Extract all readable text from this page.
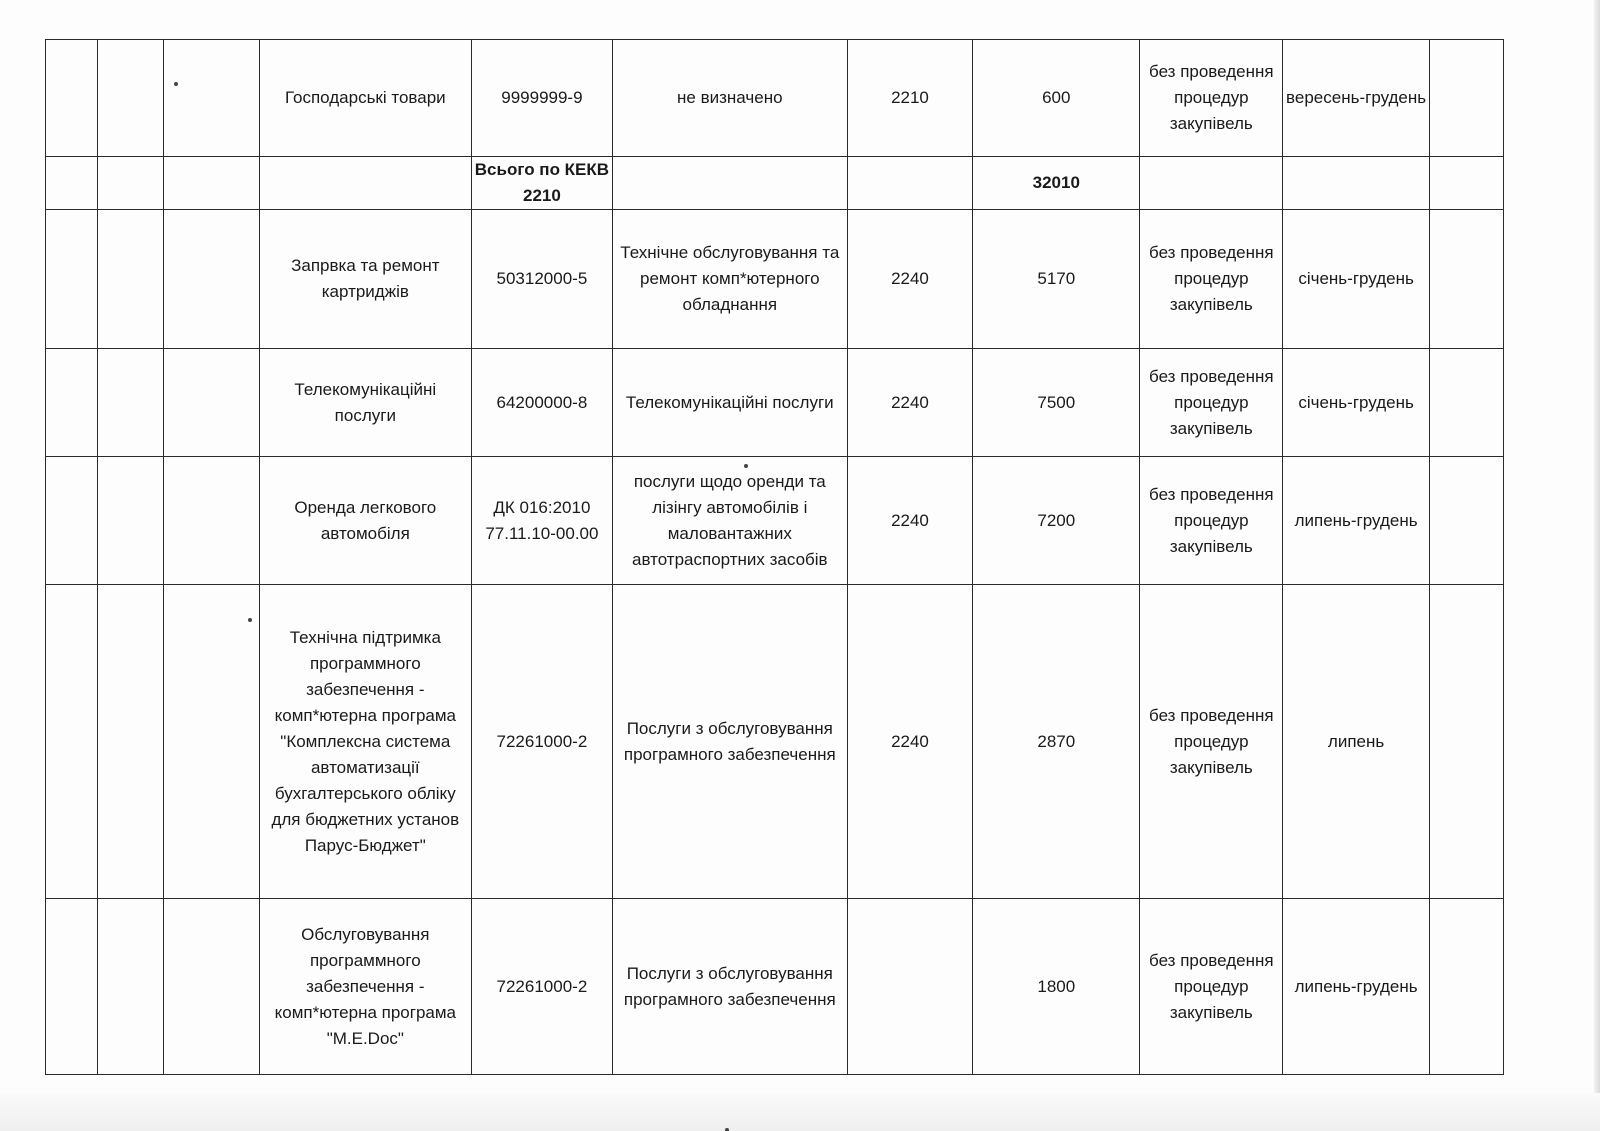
			Господарські товари	9999999-9	не визначено	2210	600	без проведення процедур закупівель	вересень-грудень	
				Всього по КЕКВ 2210			32010			
			Запрвка та ремонт картриджів	50312000-5	Технічне обслуговування та ремонт комп*ютерного обладнання	2240	5170	без проведення процедур закупівель	січень-грудень	
			Телекомунікаційні послуги	64200000-8	Телекомунікаційні послуги	2240	7500	без проведення процедур закупівель	січень-грудень	
			Оренда легкового автомобіля	ДК 016:2010 77.11.10-00.00	послуги щодо оренди та лізінгу автомобілів і маловантажних автотраспортних засобів	2240	7200	без проведення процедур закупівель	липень-грудень	
			Технічна підтримка программного забезпечення - комп*ютерна програма "Комплексна система автоматизації бухгалтерського обліку для бюджетних установ Парус-Бюджет"	72261000-2	Послуги з обслуговування програмного забезпечення	2240	2870	без проведення процедур закупівель	липень	
			Обслуговування программного забезпечення - комп*ютерна програма "M.E.Doc"	72261000-2	Послуги з обслуговування програмного забезпечення		1800	без проведення процедур закупівель	липень-грудень	
